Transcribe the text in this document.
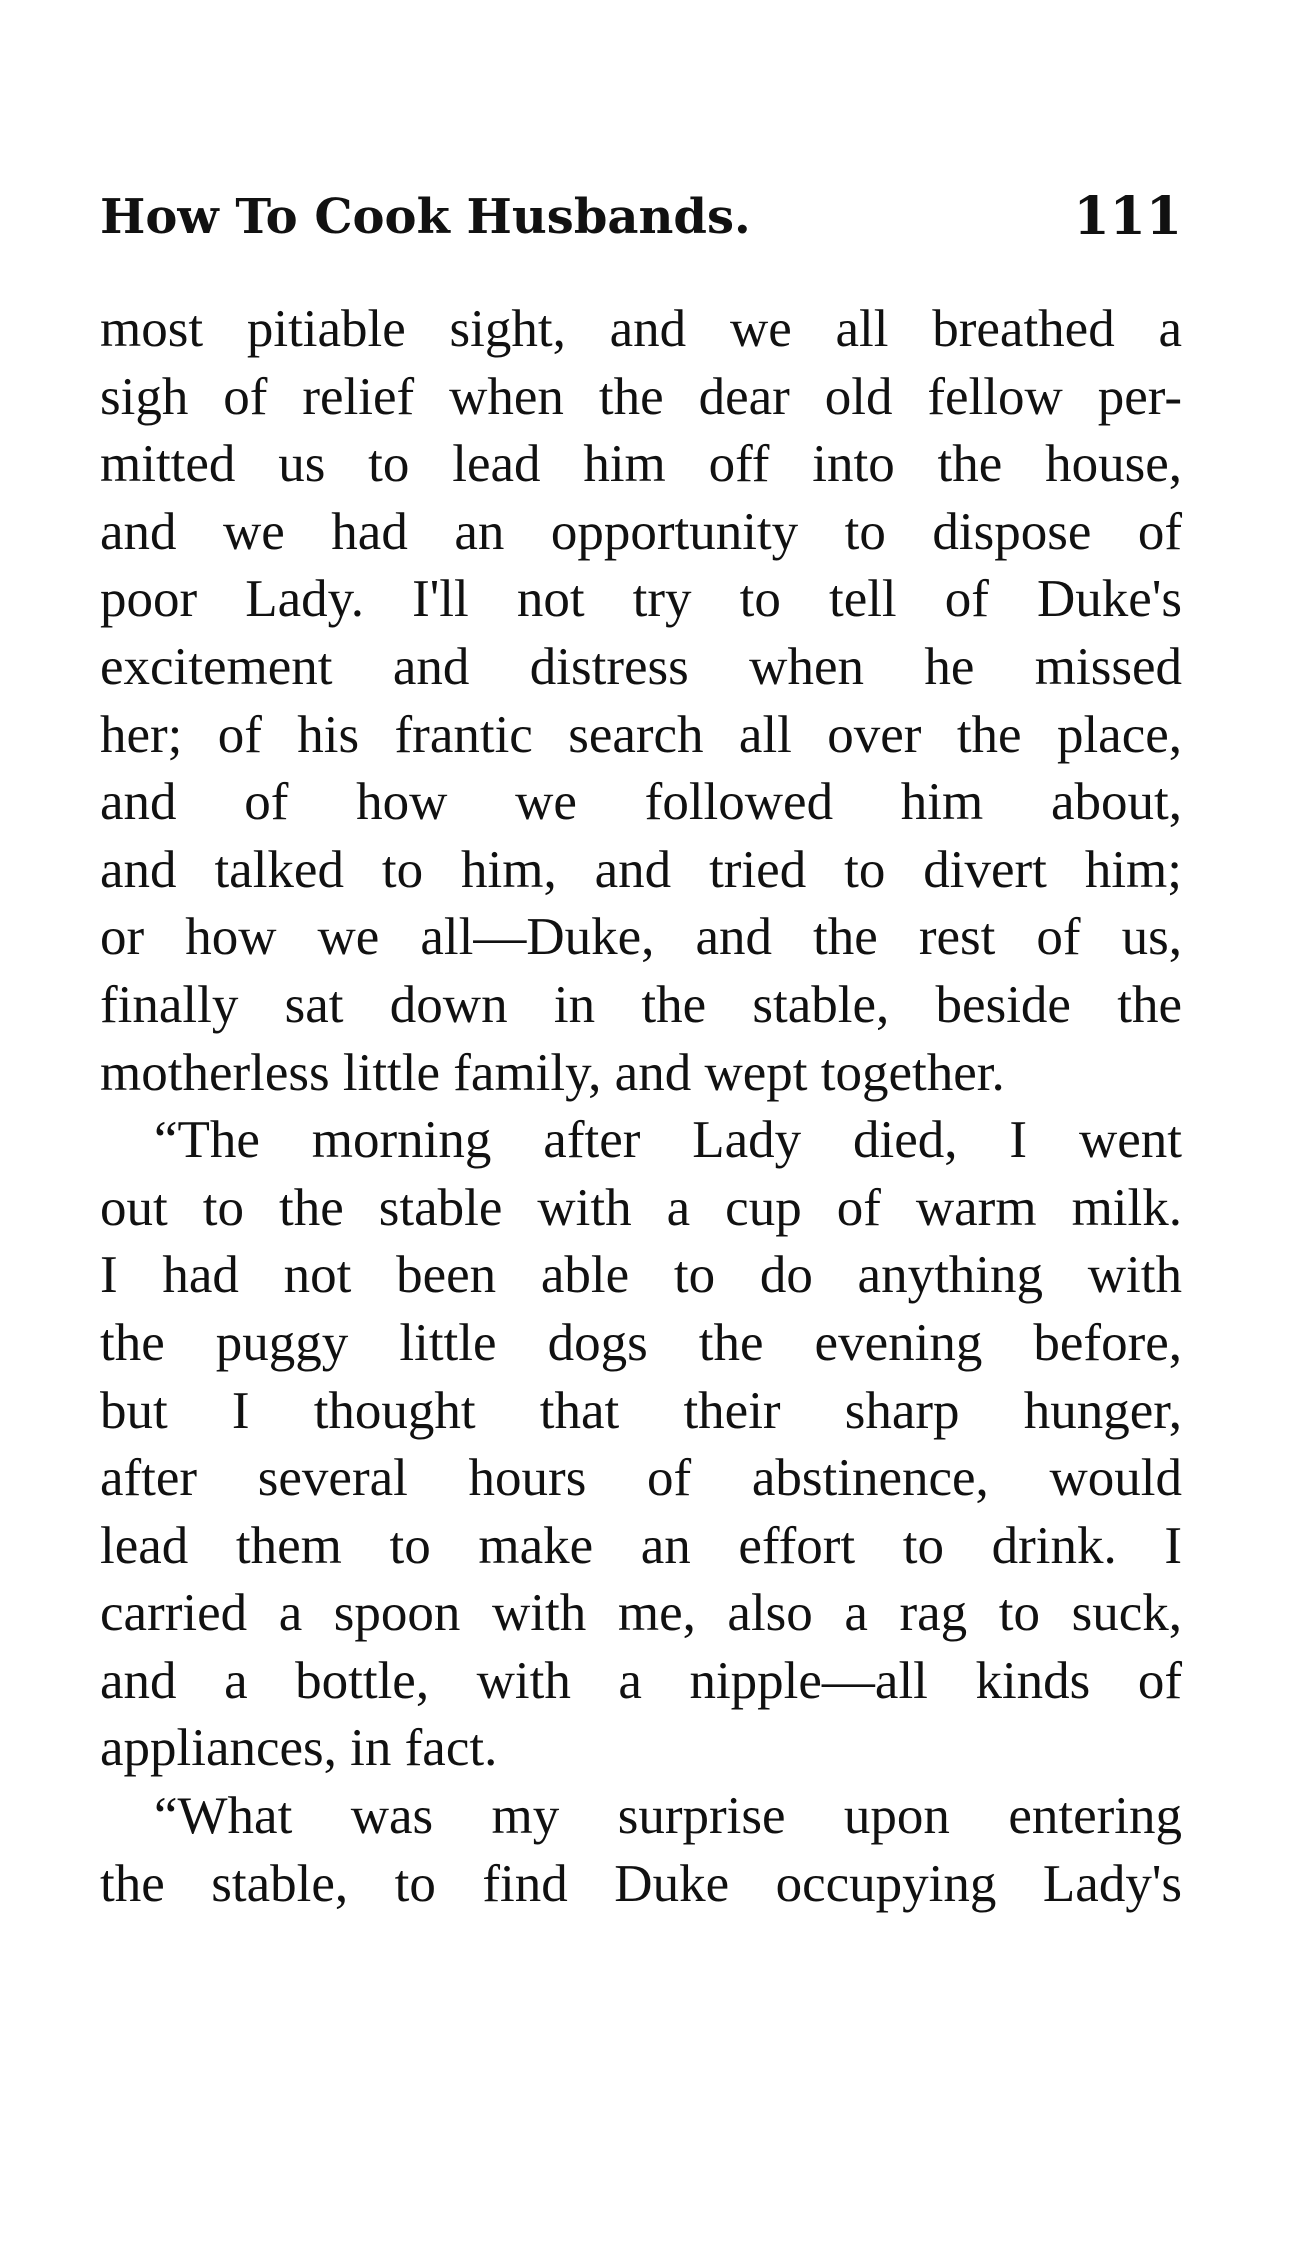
How To Cook Husbands.	111
most pitiable sight, and we all breathed a
sigh of relief when the dear old fellow per-
mitted us to lead him off into the house,
and we had an opportunity to dispose of
poor Lady. I'll not try to tell of Duke's
excitement and distress when he missed
her; of his frantic search all over the place,
and of how we followed him about,
and talked to him, and tried to divert him;
or how we all—Duke, and the rest of us,
finally sat down in the stable, beside the
motherless little family, and wept together.
“The morning after Lady died, I went
out to the stable with a cup of warm milk.
I had not been able to do anything with
the puggy little dogs the evening before,
but I thought that their sharp hunger,
after several hours of abstinence, would
lead them to make an effort to drink. I
carried a spoon with me, also a rag to suck,
and a bottle, with a nipple—all kinds of
appliances, in fact.
“What was my surprise upon entering
the stable, to find Duke occupying Lady's
